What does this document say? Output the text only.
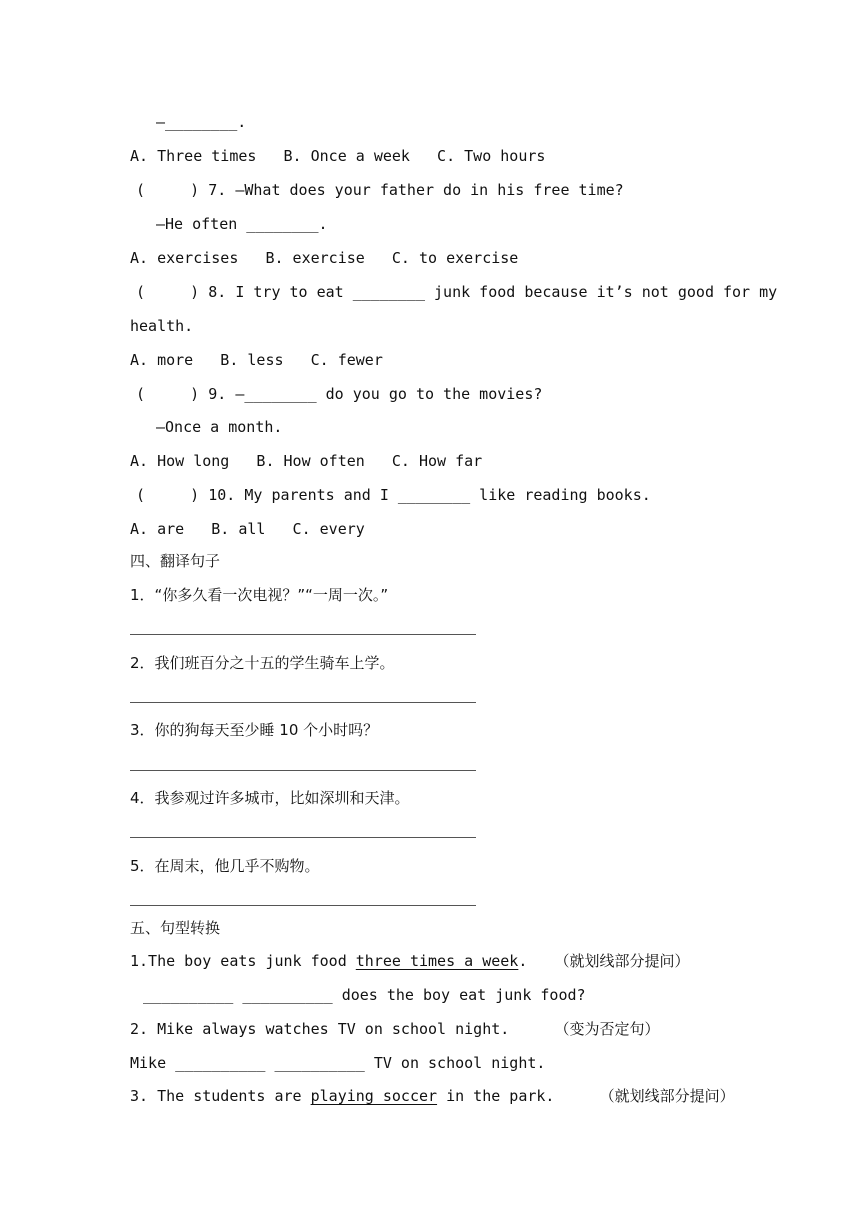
—________.
A. Three times   B. Once a week   C. Two hours
(     ) 7. —What does your father do in his free time?
—He often ________.
A. exercises   B. exercise   C. to exercise
(     ) 8. I try to eat ________ junk food because it’s not good for my
health.
A. more   B. less   C. fewer
(     ) 9. —________ do you go to the movies?
—Once a month.
A. How long   B. How often   C. How far
(     ) 10. My parents and I ________ like reading books.
A. are   B. all   C. every
四、翻译句子
1．“你多久看一次电视？”“一周一次。”
2．我们班百分之十五的学生骑车上学。
3．你的狗每天至少睡 10 个小时吗？
4．我参观过许多城市，比如深圳和天津。
5．在周末，他几乎不购物。
五、句型转换
1.The boy eats junk food three times a week.   （就划线部分提问）
__________ __________ does the boy eat junk food?
2. Mike always watches TV on school night.     （变为否定句）
Mike __________ __________ TV on school night.
3. The students are playing soccer in the park.     （就划线部分提问）
